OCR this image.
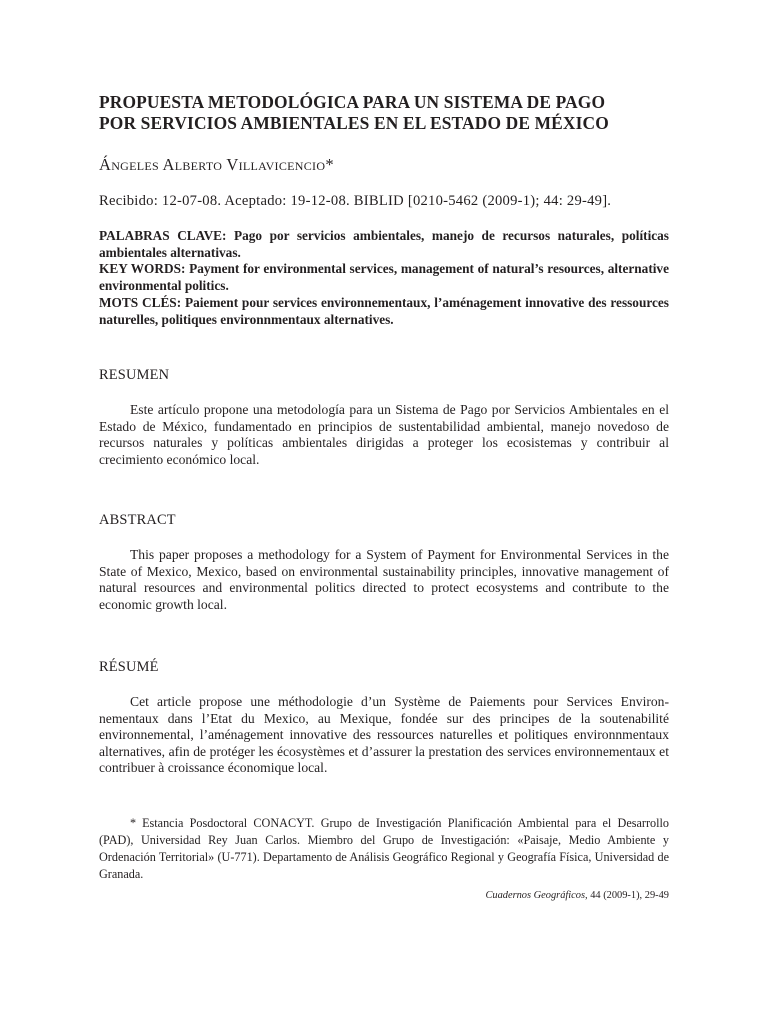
PROPUESTA METODOLÓGICA PARA UN SISTEMA DE PAGO
POR SERVICIOS AMBIENTALES EN EL ESTADO DE MÉXICO
Ángeles Alberto Villavicencio*
Recibido: 12-07-08. Aceptado: 19-12-08. BIBLID [0210-5462 (2009-1); 44: 29-49].

PALABRAS CLAVE: Pago por servicios ambientales, manejo de recursos naturales, políticas ambientales alternativas.

KEY WORDS: Payment for environmental services, management of natural’s resources, alternative environmental politics.

MOTS CLÉS: Paiement pour services environnementaux, l’aménagement innovative des ressources naturelles, politiques environnmentaux alternatives.

RESUMEN

Este artículo propone una metodología para un Sistema de Pago por Servicios Ambientales en el Estado de México, fundamentado en principios de sustentabilidad ambiental, manejo novedoso de recursos naturales y políticas ambientales dirigidas a proteger los ecosistemas y contribuir al crecimiento económico local.

ABSTRACT

This paper proposes a methodology for a System of Payment for Environmental Services in the State of Mexico, Mexico, based on environmental sustainability principles, innovative management of natural resources and environmental politics directed to protect ecosystems and contribute to the economic growth local.

RÉSUMÉ

Cet article propose une méthodologie d’un Système de Paiements pour Services Environnementaux dans l’Etat du Mexico, au Mexique, fondée sur des principes de la soutenabilité environnemental, l’aménagement innovative des ressources naturelles et politiques environnmentaux alternatives, afin de protéger les écosystèmes et d’assurer la prestation des services environnementaux et contribuer à croissance économique local.

* Estancia Posdoctoral CONACYT. Grupo de Investigación Planificación Ambiental para el Desarrollo (PAD), Universidad Rey Juan Carlos. Miembro del Grupo de Investigación: «Paisaje, Medio Ambiente y Ordenación Territorial» (U-771). Departamento de Análisis Geográfico Regional y Geografía Física, Universidad de Granada.
Cuadernos Geográficos, 44 (2009-1), 29-49
